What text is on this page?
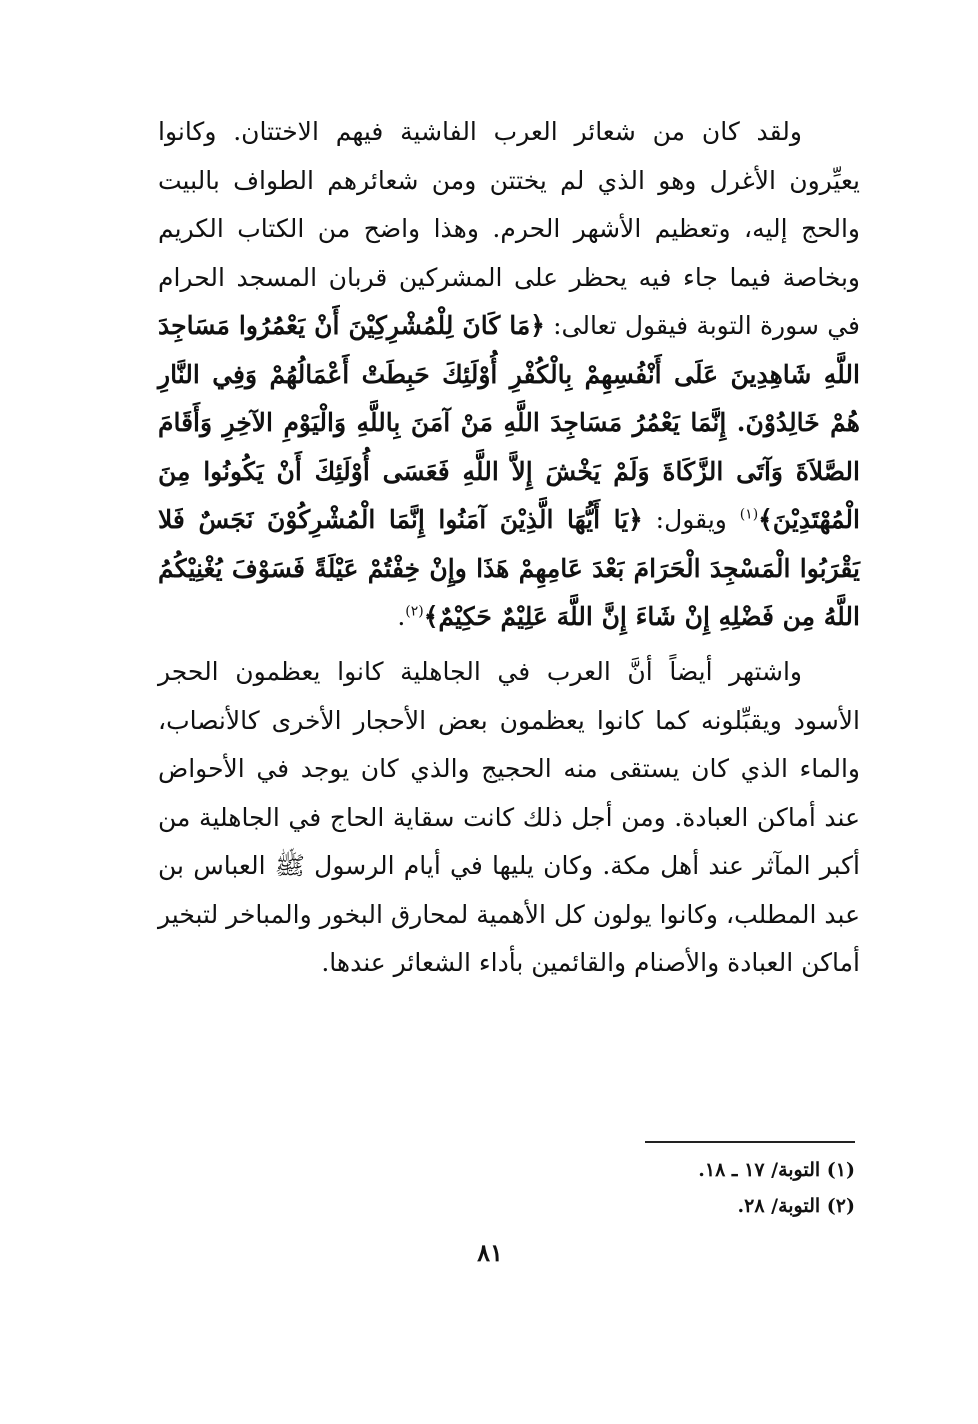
ولقد كان من شعائر العرب الفاشية فيهم الاختتان. وكانوا يعيِّرون الأغرل وهو الذي لم يختتن ومن شعائرهم الطواف بالبيت والحج إليه، وتعظيم الأشهر الحرم. وهذا واضح من الكتاب الكريم وبخاصة فيما جاء فيه يحظر على المشركين قربان المسجد الحرام في سورة التوبة فيقول تعالى: ﴿مَا كَانَ لِلْمُشْرِكِيْنَ أَنْ يَعْمُرُوا مَسَاجِدَ اللَّهِ شَاهِدِينَ عَلَى أَنْفُسِهِمْ بِالْكُفْرِ أُوْلَئِكَ حَبِطَتْ أَعْمَالُهُمْ وَفِي النَّارِ هُمْ خَالِدُوْنَ. إِنَّمَا يَعْمُرُ مَسَاجِدَ اللَّهِ مَنْ آمَنَ بِاللَّهِ وَالْيَوْمِ الآخِرِ وَأَقَامَ الصَّلاَةَ وَآتَى الزَّكَاةَ وَلَمْ يَخْشَ إِلاَّ اللَّهِ فَعَسَى أُوْلَئِكَ أَنْ يَكُونُوا مِنَ الْمُهْتَدِيْنَ﴾$^{(١)}$ ويقول: ﴿يَا أَيُّهَا الَّذِيْنَ آمَنُوا إِنَّمَا الْمُشْرِكُوْنَ نَجَسٌ فَلا يَقْرَبُوا الْمَسْجِدَ الْحَرَامَ بَعْدَ عَامِهِمْ هَذَا وإِنْ خِفْتُمْ عَيْلَةً فَسَوْفَ يُغْنِيْكُمُ اللَّهُ مِن فَضْلِهِ إِنْ شَاءَ إِنَّ اللَّهَ عَلِيْمٌ حَكِيْمٌ﴾$^{(٢)}$.

واشتهر أيضاً أنَّ العرب في الجاهلية كانوا يعظمون الحجر الأسود ويقبِّلونه كما كانوا يعظمون بعض الأحجار الأخرى كالأنصاب، والماء الذي كان يستقى منه الحجيج والذي كان يوجد في الأحواض عند أماكن العبادة. ومن أجل ذلك كانت سقاية الحاج في الجاهلية من أكبر المآثر عند أهل مكة. وكان يليها في أيام الرسول ﷺ العباس بن عبد المطلب، وكانوا يولون كل الأهمية لمحارق البخور والمباخر لتبخير أماكن العبادة والأصنام والقائمين بأداء الشعائر عندها.

(١) التوبة/ ١٧ ـ ١٨.
(٢) التوبة/ ٢٨.
٨١
